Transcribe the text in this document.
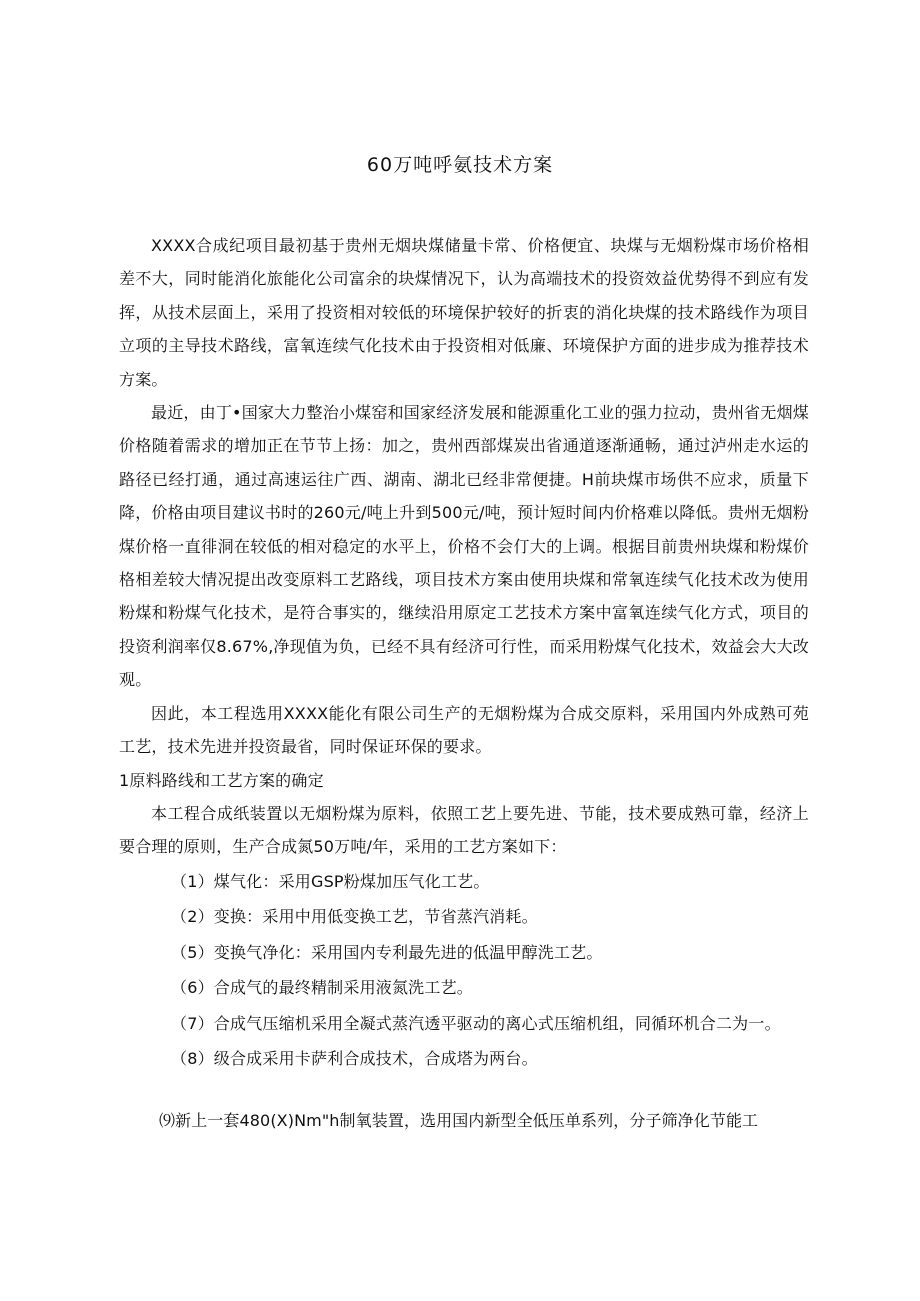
60万吨呼氨技术方案

XXXX合成纪项目最初基于贵州无烟块煤储量卡常、价格便宜、块煤与无烟粉煤市场价格相差不大，同时能消化旅能化公司富余的块煤情况下，认为高端技术的投资效益优势得不到应有发挥，从技术层面上，采用了投资相对较低的环境保护较好的折衷的消化块煤的技术路线作为项目立项的主导技术路线，富氧连续气化技术由于投资相对低廉、环境保护方面的进步成为推荐技术方案。

最近，由丁•国家大力整治小煤窑和国家经济发展和能源重化工业的强力拉动，贵州省无烟煤价格随着需求的增加正在节节上扬：加之，贵州西部煤炭出省通道逐渐通畅，通过泸州走水运的路径已经打通，通过高速运往广西、湖南、湖北已经非常便捷。H前块煤市场供不应求，质量下降，价格由项目建议书时的260元/吨上升到500元/吨，预计短时间内价格难以降低。贵州无烟粉煤价格一直徘洞在较低的相对稳定的水平上，价格不会仃大的上调。根据目前贵州块煤和粉煤价格相差较大情况提出改变原料工艺路线，项目技术方案由使用块煤和常氧连续气化技术改为使用粉煤和粉煤气化技术，是符合事实的，继续沿用原定工艺技术方案中富氧连续气化方式，项目的投资利润率仅8.67%,净现值为负，已经不具有经济可行性，而采用粉煤气化技术，效益会大大改观。

因此，本工程选用XXXX能化有限公司生产的无烟粉煤为合成交原料，采用国内外成熟可苑工艺，技术先进并投资最省，同时保证环保的要求。

1原料路线和工艺方案的确定

本工程合成纸装置以无烟粉煤为原料，依照工艺上要先进、节能，技术要成熟可靠，经济上要合理的原则，生产合成氮50万吨/年，采用的工艺方案如下：

（1）煤气化：采用GSP粉煤加压气化工艺。

（2）变换：采用中用低变换工艺，节省蒸汽消耗。

（5）变换气净化：采用国内专利最先进的低温甲醇洗工艺。

（6）合成气的最终精制采用液氮洗工艺。

（7）合成气压缩机采用全凝式蒸汽透平驱动的离心式压缩机组，同循环机合二为一。

（8）级合成采用卡萨利合成技术，合成塔为两台。

⑼新上一套480(X)Nm"h制氧装置，选用国内新型全低压单系列，分子筛净化节能工
